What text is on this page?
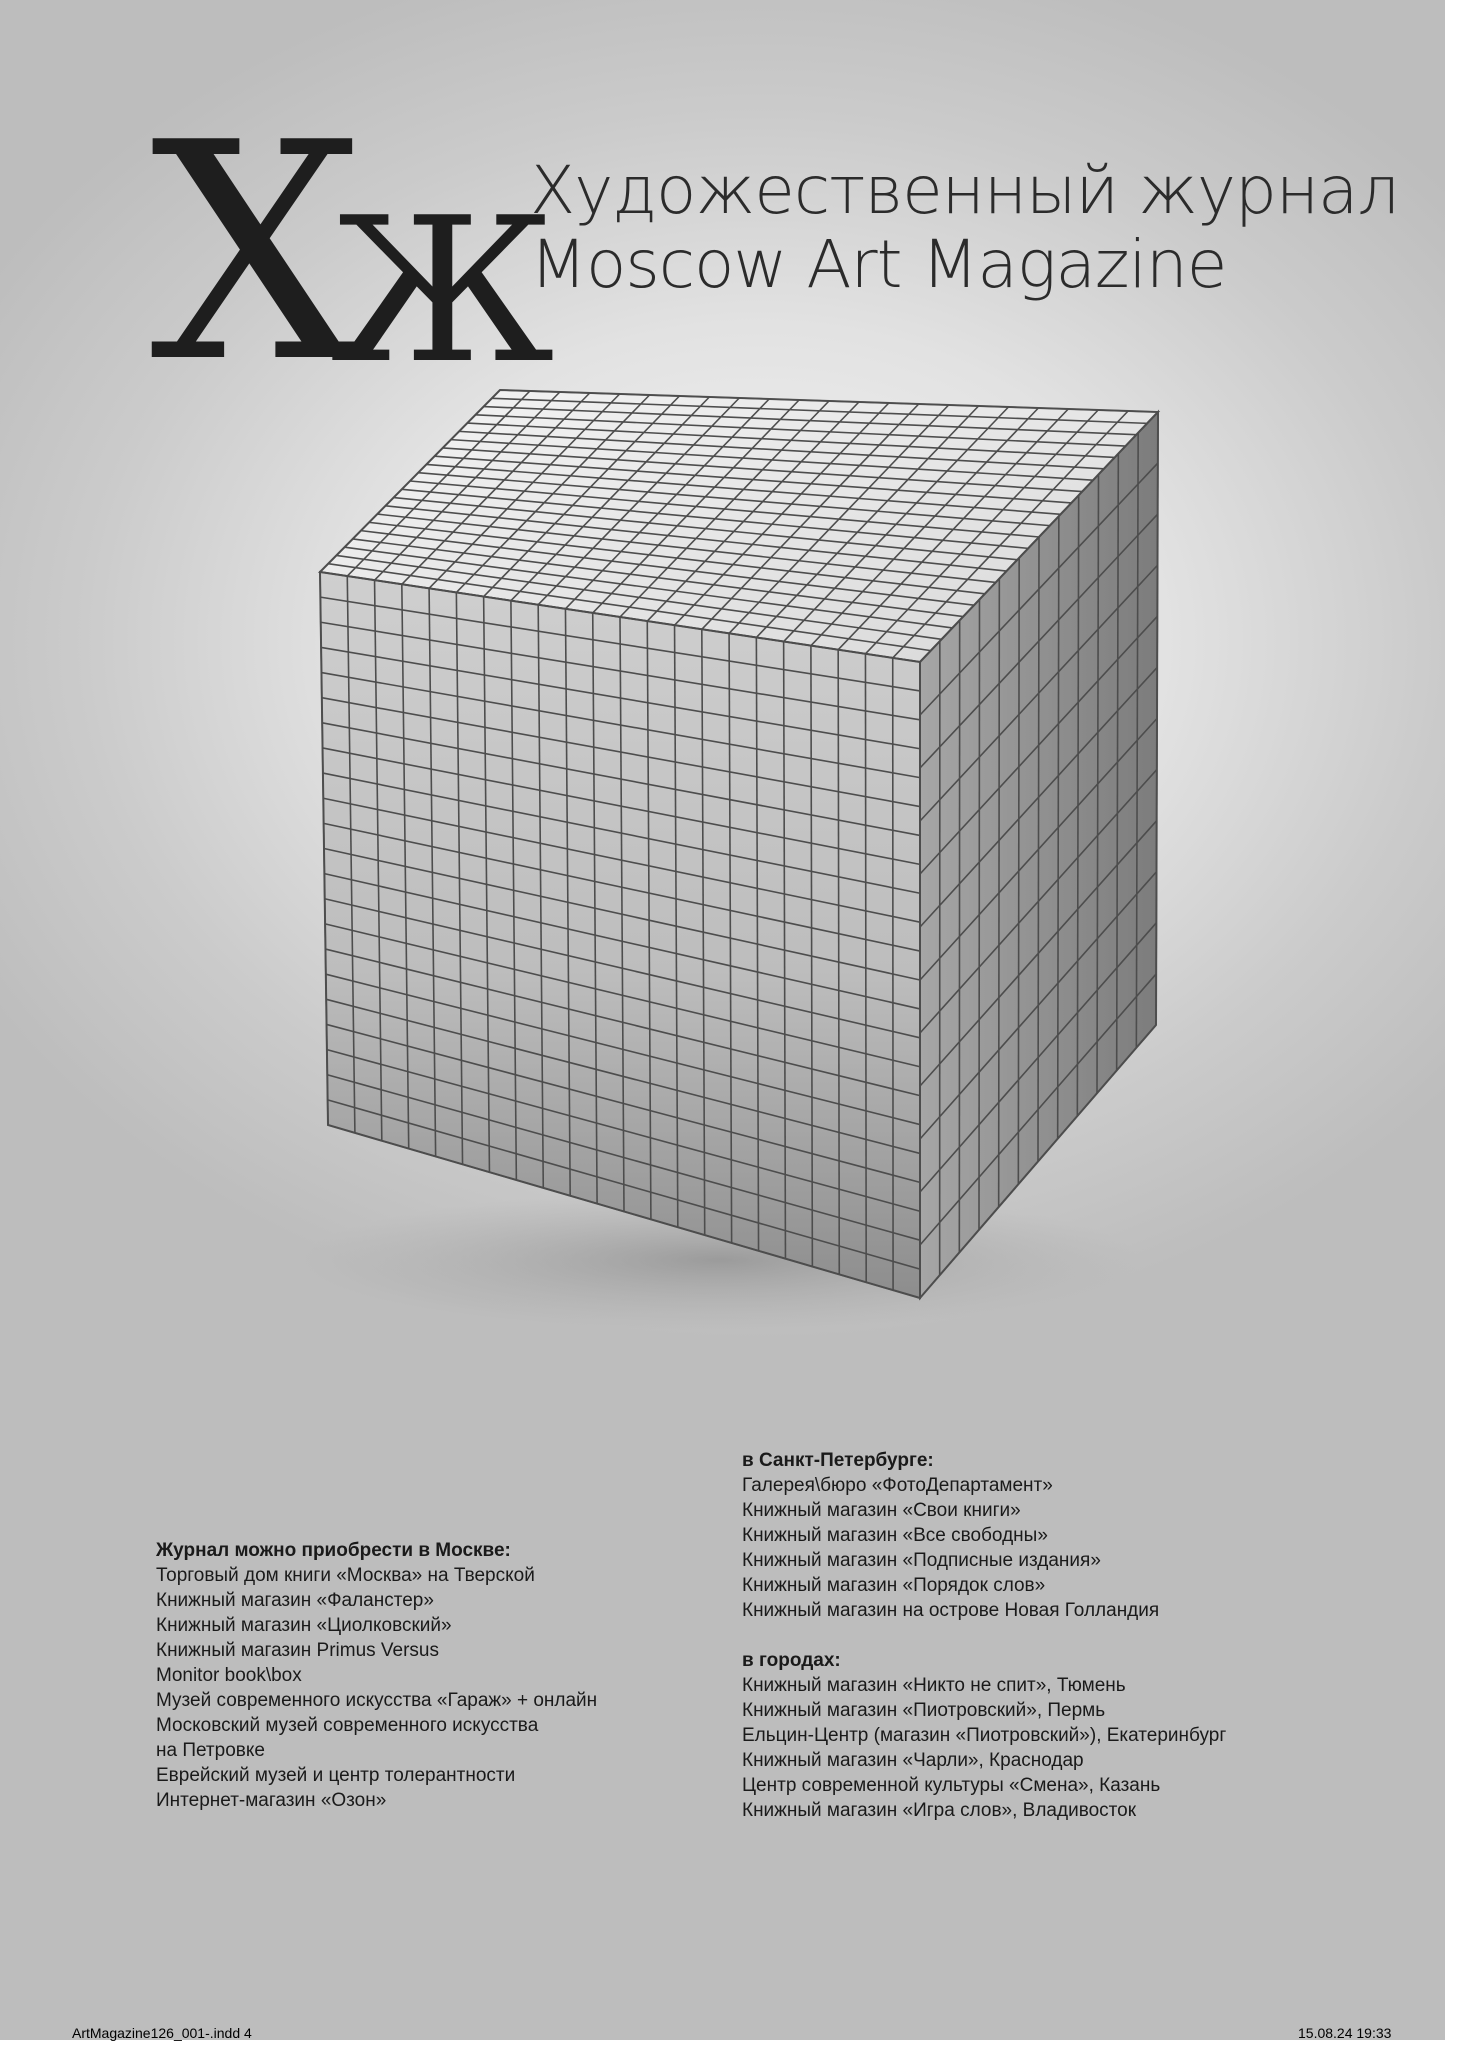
Х
Ж
Художественный журнал
Moscow Art Magazine
Журнал можно приобрести в Москве:
Торговый дом книги «Москва» на Тверской
Книжный магазин «Фаланстер»
Книжный магазин «Циолковский»
Книжный магазин Primus Versus
Monitor book\box
Музей современного искусства «Гараж» + онлайн
Московский музей современного искусства
на Петровке
Еврейский музей и центр толерантности
Интернет-магазин «Озон»
в Санкт-Петербурге:
Галерея\бюро «ФотоДепартамент»
Книжный магазин «Свои книги»
Книжный магазин «Все свободны»
Книжный магазин «Подписные издания»
Книжный магазин «Порядок слов»
Книжный магазин на острове Новая Голландия
в городах:
Книжный магазин «Никто не спит», Тюмень
Книжный магазин «Пиотровский», Пермь
Ельцин-Центр (магазин «Пиотровский»), Екатеринбург
Книжный магазин «Чарли», Краснодар
Центр современной культуры «Смена», Казань
Книжный магазин «Игра слов», Владивосток
ArtMagazine126_001-.indd 4	15.08.24 19:33
